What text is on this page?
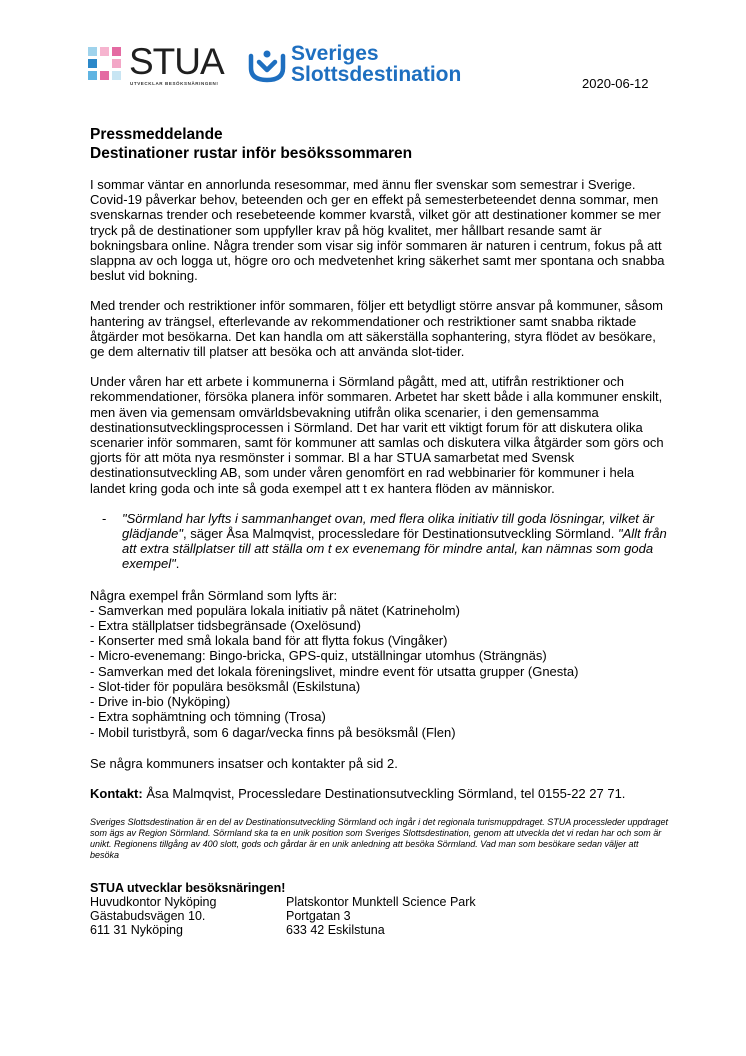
STUA
UTVECKLAR BESÖKSNÄRINGEN!
Sveriges
Slottsdestination	2020-06-12
Pressmeddelande
Destinationer rustar inför besökssommaren

I sommar väntar en annorlunda resesommar, med ännu fler svenskar som semestrar i Sverige. Covid-19 påverkar behov, beteenden och ger en effekt på semesterbeteendet denna sommar, men svenskarnas trender och resebeteende kommer kvarstå, vilket gör att destinationer kommer se mer tryck på de destinationer som uppfyller krav på hög kvalitet, mer hållbart resande samt är bokningsbara online. Några trender som visar sig inför sommaren är naturen i centrum, fokus på att slappna av och logga ut, högre oro och medvetenhet kring säkerhet samt mer spontana och snabba beslut vid bokning.

Med trender och restriktioner inför sommaren, följer ett betydligt större ansvar på kommuner, såsom hantering av trängsel, efterlevande av rekommendationer och restriktioner samt snabba riktade åtgärder mot besökarna. Det kan handla om att säkerställa sophantering, styra flödet av besökare, ge dem alternativ till platser att besöka och att använda slot-tider.

Under våren har ett arbete i kommunerna i Sörmland pågått, med att, utifrån restriktioner och rekommendationer, försöka planera inför sommaren. Arbetet har skett både i alla kommuner enskilt, men även via gemensam omvärldsbevakning utifrån olika scenarier, i den gemensamma destinationsutvecklingsprocessen i Sörmland. Det har varit ett viktigt forum för att diskutera olika scenarier inför sommaren, samt för kommuner att samlas och diskutera vilka åtgärder som görs och gjorts för att möta nya resmönster i sommar. Bl a har STUA samarbetat med Svensk destinationsutveckling AB, som under våren genomfört en rad webbinarier för kommuner i hela landet kring goda och inte så goda exempel att t ex hantera flöden av människor.

-	"Sörmland har lyfts i sammanhanget ovan, med flera olika initiativ till goda lösningar, vilket är glädjande", säger Åsa Malmqvist, processledare för Destinationsutveckling Sörmland. "Allt från att extra ställplatser till att ställa om t ex evenemang för mindre antal, kan nämnas som goda exempel".
Några exempel från Sörmland som lyfts är:
- Samverkan med populära lokala initiativ på nätet (Katrineholm)
- Extra ställplatser tidsbegränsade (Oxelösund)
- Konserter med små lokala band för att flytta fokus (Vingåker)
- Micro-evenemang: Bingo-bricka, GPS-quiz, utställningar utomhus (Strängnäs)
- Samverkan med det lokala föreningslivet, mindre event för utsatta grupper (Gnesta)
- Slot-tider för populära besöksmål (Eskilstuna)
- Drive in-bio (Nyköping)
- Extra sophämtning och tömning (Trosa)
- Mobil turistbyrå, som 6 dagar/vecka finns på besöksmål (Flen)

Se några kommuners insatser och kontakter på sid 2.

Kontakt: Åsa Malmqvist, Processledare Destinationsutveckling Sörmland, tel 0155-22 27 71.
Sveriges Slottsdestination är en del av Destinationsutveckling Sörmland och ingår i det regionala turismuppdraget. STUA processleder uppdraget som ägs av Region Sörmland. Sörmland ska ta en unik position som Sveriges Slottsdestination, genom att utveckla det vi redan har och som är unikt. Regionens tillgång av 400 slott, gods och gårdar är en unik anledning att besöka Sörmland. Vad man som besökare sedan väljer att besöka
STUA utvecklar besöksnäringen!
Huvudkontor Nyköping
Gästabudsvägen 10.
611 31 Nyköping
Platskontor Munktell Science Park
Portgatan 3
633 42 Eskilstuna
